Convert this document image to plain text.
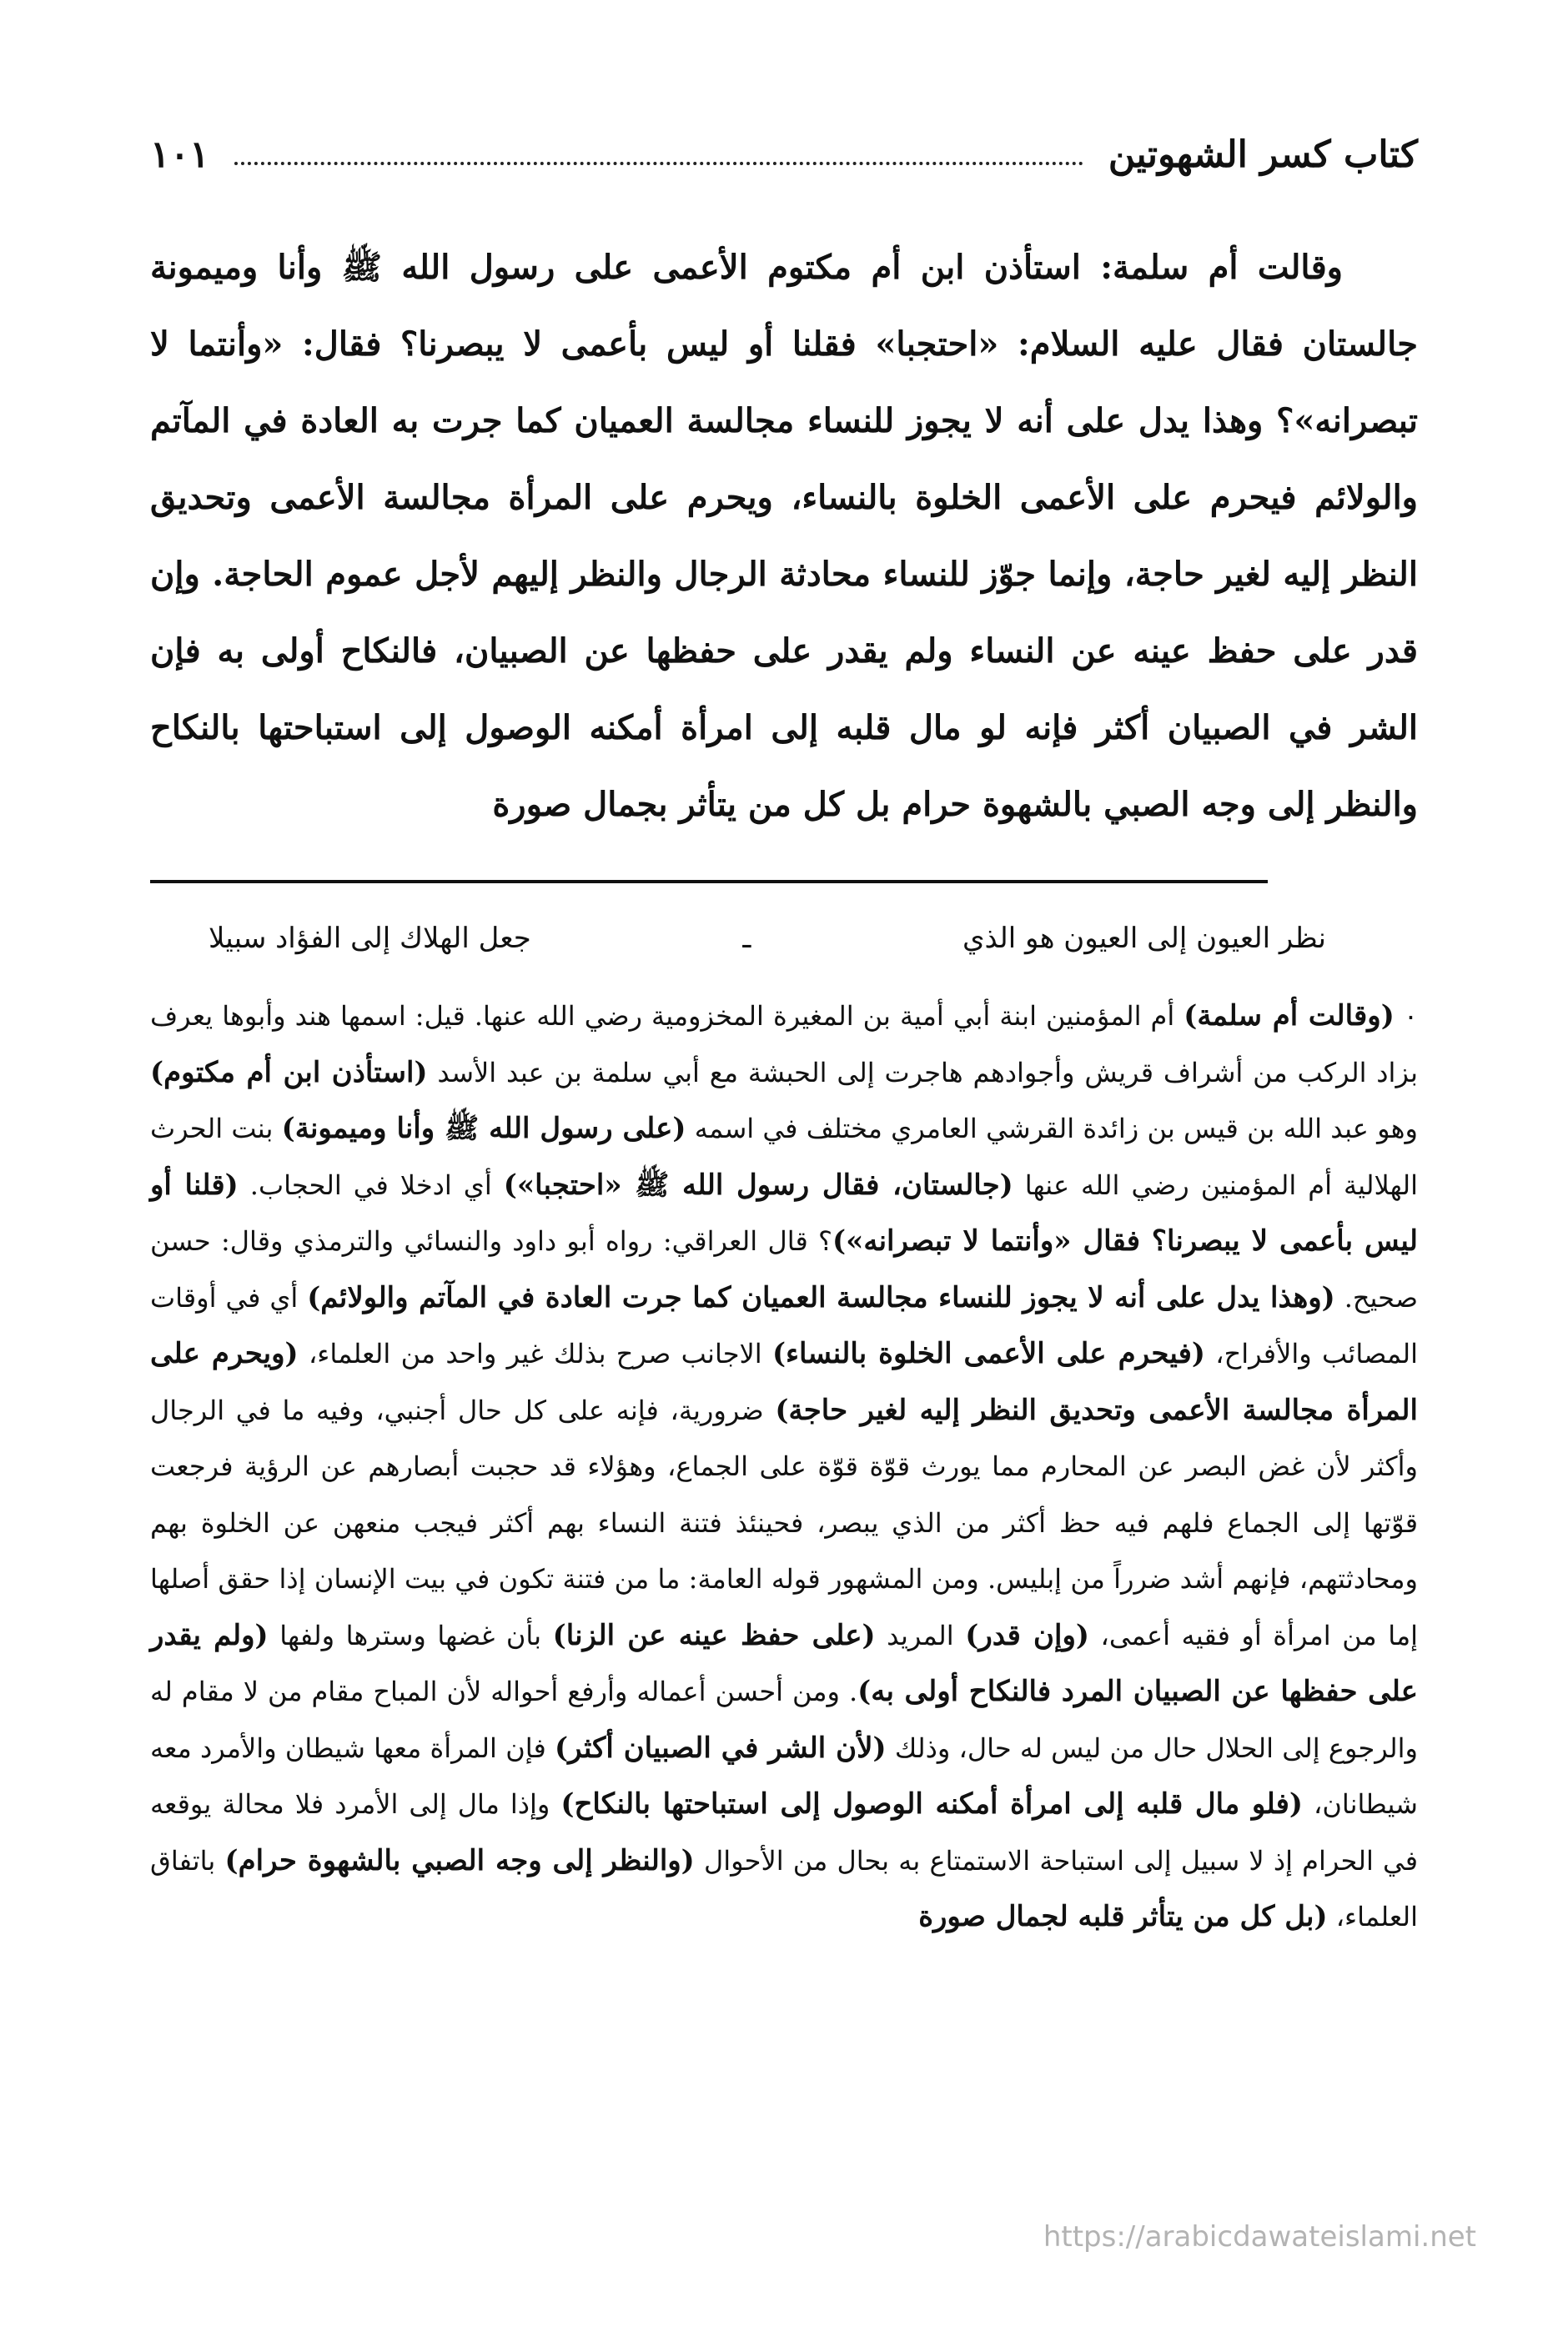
كتاب كسر الشهوتين
١٠١

وقالت أم سلمة: استأذن ابن أم مكتوم الأعمى على رسول الله ﷺ وأنا وميمونة جالستان فقال عليه السلام: «احتجبا» فقلنا أو ليس بأعمى لا يبصرنا؟ فقال: «وأنتما لا تبصرانه»؟ وهذا يدل على أنه لا يجوز للنساء مجالسة العميان كما جرت به العادة في المآتم والولائم فيحرم على الأعمى الخلوة بالنساء، ويحرم على المرأة مجالسة الأعمى وتحديق النظر إليه لغير حاجة، وإنما جوّز للنساء محادثة الرجال والنظر إليهم لأجل عموم الحاجة. وإن قدر على حفظ عينه عن النساء ولم يقدر على حفظها عن الصبيان، فالنكاح أولى به فإن الشر في الصبيان أكثر فإنه لو مال قلبه إلى امرأة أمكنه الوصول إلى استباحتها بالنكاح والنظر إلى وجه الصبي بالشهوة حرام بل كل من يتأثر بجمال صورة

نظر العيون إلى العيون هو الذي
ـ
جعل الهلاك إلى الفؤاد سبيلا

٠ (وقالت أم سلمة) أم المؤمنين ابنة أبي أمية بن المغيرة المخزومية رضي الله عنها. قيل: اسمها هند وأبوها يعرف بزاد الركب من أشراف قريش وأجوادهم هاجرت إلى الحبشة مع أبي سلمة بن عبد الأسد (استأذن ابن أم مكتوم) وهو عبد الله بن قيس بن زائدة القرشي العامري مختلف في اسمه (على رسول الله ﷺ وأنا وميمونة) بنت الحرث الهلالية أم المؤمنين رضي الله عنها (جالستان، فقال رسول الله ﷺ «احتجبا») أي ادخلا في الحجاب. (قلنا أو ليس بأعمى لا يبصرنا؟ فقال «وأنتما لا تبصرانه»)؟ قال العراقي: رواه أبو داود والنسائي والترمذي وقال: حسن صحيح. (وهذا يدل على أنه لا يجوز للنساء مجالسة العميان كما جرت العادة في المآتم والولائم) أي في أوقات المصائب والأفراح، (فيحرم على الأعمى الخلوة بالنساء) الاجانب صرح بذلك غير واحد من العلماء، (ويحرم على المرأة مجالسة الأعمى وتحديق النظر إليه لغير حاجة) ضرورية، فإنه على كل حال أجنبي، وفيه ما في الرجال وأكثر لأن غض البصر عن المحارم مما يورث قوّة قوّة على الجماع، وهؤلاء قد حجبت أبصارهم عن الرؤية فرجعت قوّتها إلى الجماع فلهم فيه حظ أكثر من الذي يبصر، فحينئذ فتنة النساء بهم أكثر فيجب منعهن عن الخلوة بهم ومحادثتهم، فإنهم أشد ضرراً من إبليس. ومن المشهور قوله العامة: ما من فتنة تكون في بيت الإنسان إذا حقق أصلها إما من امرأة أو فقيه أعمى، (وإن قدر) المريد (على حفظ عينه عن الزنا) بأن غضها وسترها ولفها (ولم يقدر على حفظها عن الصبيان المرد فالنكاح أولى به). ومن أحسن أعماله وأرفع أحواله لأن المباح مقام من لا مقام له والرجوع إلى الحلال حال من ليس له حال، وذلك (لأن الشر في الصبيان أكثر) فإن المرأة معها شيطان والأمرد معه شيطانان، (فلو مال قلبه إلى امرأة أمكنه الوصول إلى استباحتها بالنكاح) وإذا مال إلى الأمرد فلا محالة يوقعه في الحرام إذ لا سبيل إلى استباحة الاستمتاع به بحال من الأحوال (والنظر إلى وجه الصبي بالشهوة حرام) باتفاق العلماء، (بل كل من يتأثر قلبه لجمال صورة

https://arabicdawateislami.net
